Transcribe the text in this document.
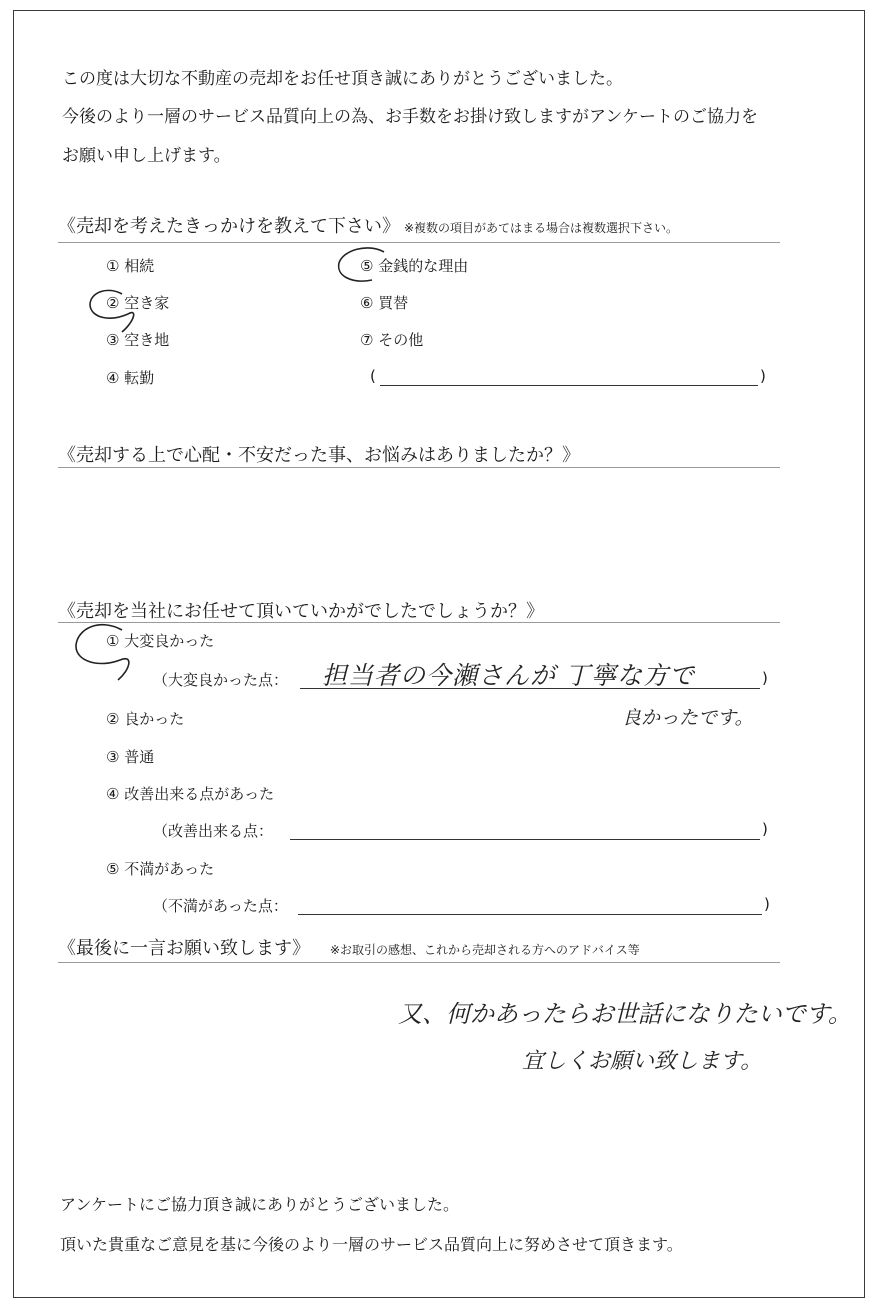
この度は大切な不動産の売却をお任せ頂き誠にありがとうございました。
今後のより一層のサービス品質向上の為、お手数をお掛け致しますがアンケートのご協力を
お願い申し上げます。
《売却を考えたきっかけを教えて下さい》 ※複数の項目があてはまる場合は複数選択下さい。
① 相続
② 空き家
③ 空き地
④ 転勤
⑤ 金銭的な理由
⑥ 買替
⑦ その他
(	)
《売却する上で心配・不安だった事、お悩みはありましたか？》
《売却を当社にお任せて頂いていかがでしたでしょうか？》
① 大変良かった
（大変良かった点：	)
担当者の今瀬さんが 丁寧な方で
良かったです。
② 良かった
③ 普通
④ 改善出来る点があった
（改善出来る点：	)
⑤ 不満があった
（不満があった点：	)
《最後に一言お願い致します》 ※お取引の感想、これから売却される方へのアドバイス等
又、何かあったらお世話になりたいです。
宜しくお願い致します。
アンケートにご協力頂き誠にありがとうございました。
頂いた貴重なご意見を基に今後のより一層のサービス品質向上に努めさせて頂きます。
